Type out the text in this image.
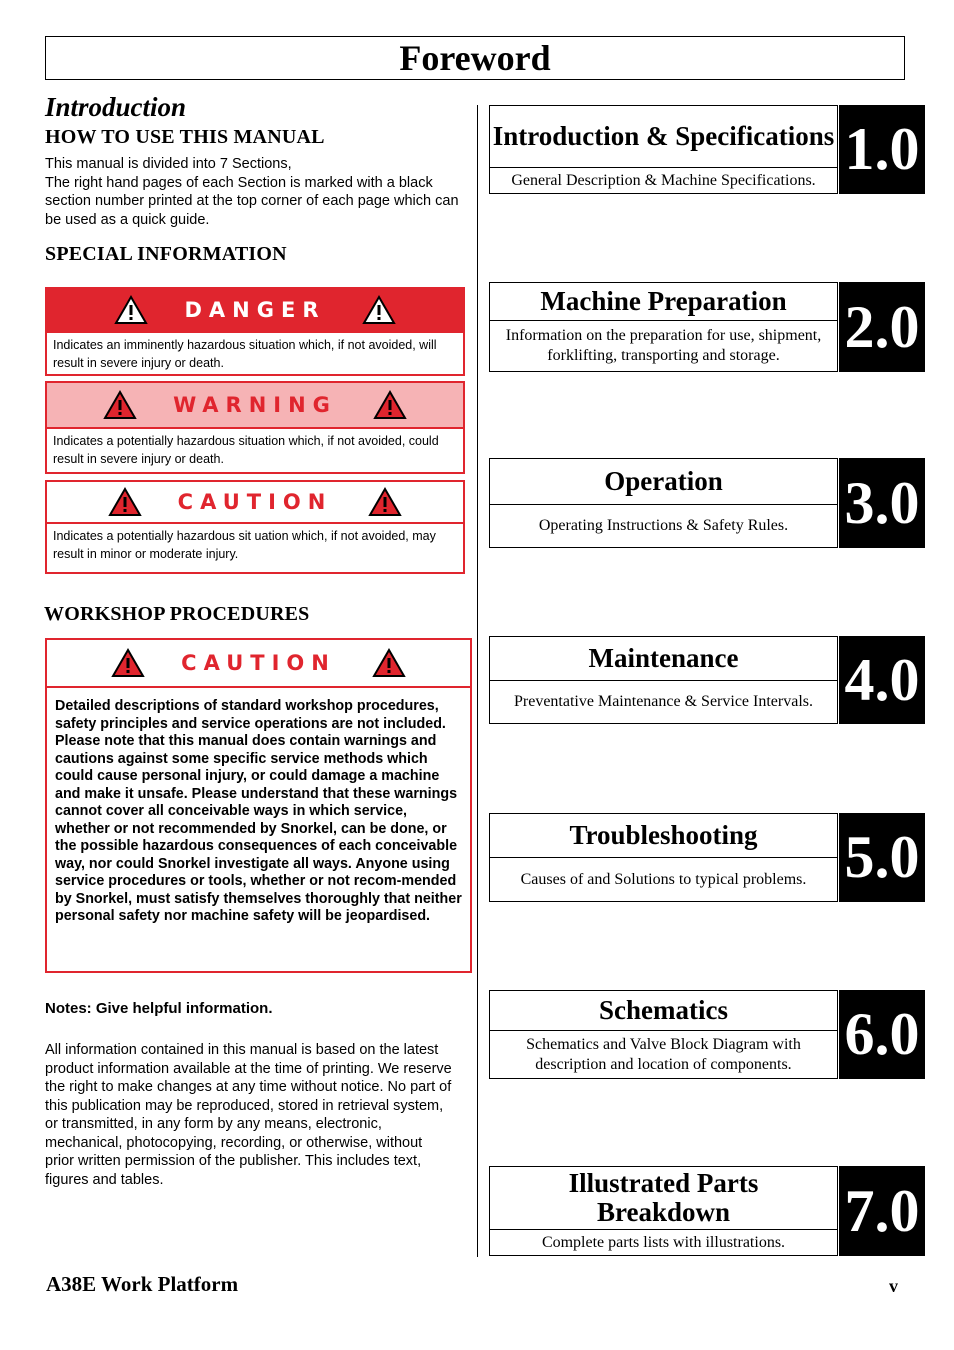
Foreword
Introduction
HOW TO USE THIS MANUAL

This manual is divided into 7 Sections,

The right hand pages of each Section is marked with a black section number printed at the top corner of each page which can be used as a quick guide.

SPECIAL INFORMATION
DANGER
Indicates an imminently hazardous situation which, if not avoided, will result in severe injury or death.
WARNING
Indicates a potentially hazardous situation which, if not avoided, could result in severe injury or death.
CAUTION
Indicates a potentially hazardous sit uation which, if not avoided, may result in minor or moderate injury.
WORKSHOP PROCEDURES
CAUTION
Detailed descriptions of standard workshop procedures, safety principles and service operations are not included. Please note that this manual does contain warnings and cautions against some specific service methods which could cause personal injury, or could damage a machine and make it unsafe. Please understand that these warnings cannot cover all conceivable ways in which service, whether or not recommended by Snorkel, can be done, or the possible hazardous consequences of each conceivable way, nor could Snorkel investigate all ways. Anyone using service procedures or tools, whether or not recom-mended by Snorkel, must satisfy themselves thoroughly that neither personal safety nor machine safety will be jeopardised.
Notes: Give helpful information.
All information contained in this manual is based on the latest product information available at the time of printing. We reserve the right to make changes at any time without notice. No part of this publication may be reproduced, stored in retrieval system, or transmitted, in any form by any means, electronic, mechanical, photocopying, recording, or otherwise, without prior written permission of the publisher. This includes text, figures and tables.
Introduction & Specifications
General Description & Machine Specifications. 1.0
Machine Preparation
Information on the preparation for use, shipment, forklifting, transporting and storage.	2.0
Operation
Operating Instructions & Safety Rules. 3.0
Maintenance
Preventative Maintenance & Service Intervals. 4.0
Troubleshooting
Causes of and Solutions to typical problems. 5.0
Schematics
Schematics and Valve Block Diagram with description and location of components. 6.0
Illustrated Parts Breakdown
Complete parts lists with illustrations. 7.0
A38E Work Platform	v
